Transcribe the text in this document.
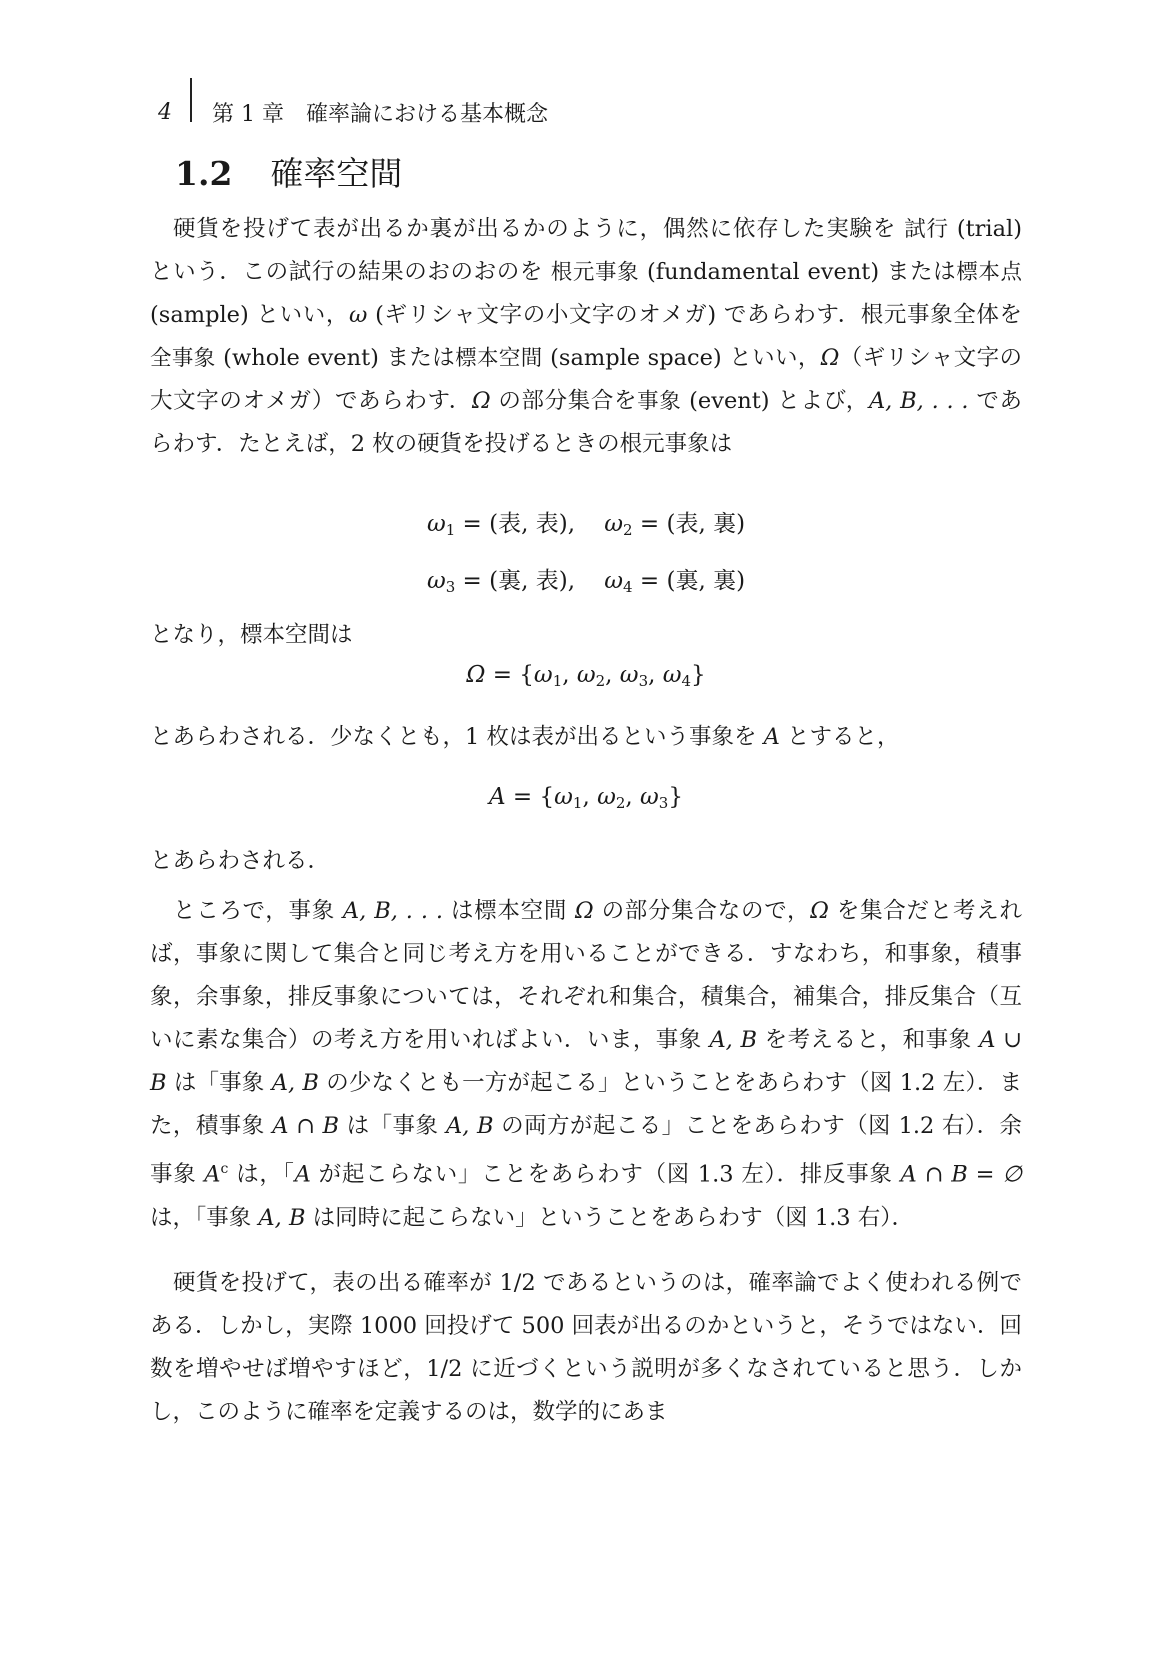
4 第 1 章　確率論における基本概念
1.2 確率空間

硬貨を投げて表が出るか裏が出るかのように，偶然に依存した実験を 試行 (trial) という．この試行の結果のおのおのを 根元事象 (fundamental event) または標本点 (sample) といい，ω (ギリシャ文字の小文字のオメガ) であらわす．根元事象全体を 全事象 (whole event) または標本空間 (sample space) といい，Ω（ギリシャ文字の大文字のオメガ）であらわす．Ω の部分集合を事象 (event) とよび，A, B, . . . であらわす．たとえば，2 枚の硬貨を投げるときの根元事象は

$\omega_1$ = (表, 表), $\omega_2$ = (表, 裏)
$\omega_3$ = (裏, 表), $\omega_4$ = (裏, 裏)

となり，標本空間は

$\Omega = \{\omega_1$, $\omega_2$, $\omega_3$, $\omega_4$}

とあらわされる．少なくとも，1 枚は表が出るという事象を A とすると，

$A = \{\omega_1$, $\omega_2$, $\omega_3$}

とあらわされる．

ところで，事象 A, B, . . . は標本空間 Ω の部分集合なので，Ω を集合だと考えれば，事象に関して集合と同じ考え方を用いることができる．すなわち，和事象，積事象，余事象，排反事象については，それぞれ和集合，積集合，補集合，排反集合（互いに素な集合）の考え方を用いればよい．いま，事象 A, B を考えると，和事象 A ∪ B は「事象 A, B の少なくとも一方が起こる」ということをあらわす（図 1.2 左）．また，積事象 A ∩ B は「事象 A, B の両方が起こる」ことをあらわす（図 1.2 右）．余事象 $A^c$ は，「A が起こらない」ことをあらわす（図 1.3 左）．排反事象 A ∩ B = ∅ は，「事象 A, B は同時に起こらない」ということをあらわす（図 1.3 右）．

硬貨を投げて，表の出る確率が 1/2 であるというのは，確率論でよく使われる例である．しかし，実際 1000 回投げて 500 回表が出るのかというと，そうではない．回数を増やせば増やすほど，1/2 に近づくという説明が多くなされていると思う．しかし，このように確率を定義するのは，数学的にあま
